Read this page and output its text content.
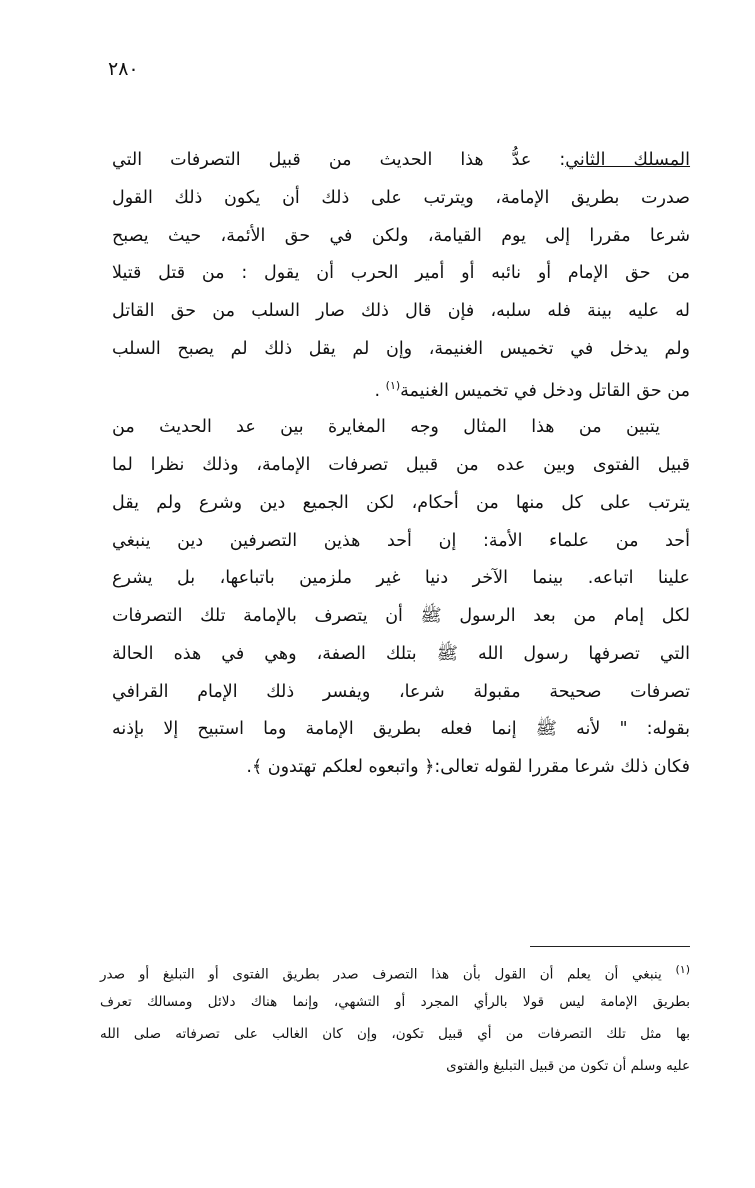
٢٨٠
المسلك الثاني: عدُّ هذا الحديث من قبيل التصرفات التي
صدرت بطريق الإمامة، ويترتب على ذلك أن يكون ذلك القول
شرعا مقررا إلى يوم القيامة، ولكن في حق الأئمة، حيث يصبح
من حق الإمام أو نائبه أو أمير الحرب أن يقول : من قتل قتيلا
له عليه بينة فله سلبه، فإن قال ذلك صار السلب من حق القاتل
ولم يدخل في تخميس الغنيمة، وإن لم يقل ذلك لم يصبح السلب
من حق القاتل ودخل في تخميس الغنيمة$^{(١)}$ .
يتبين من هذا المثال وجه المغايرة بين عد الحديث من
قبيل الفتوى وبين عده من قبيل تصرفات الإمامة، وذلك نظرا لما
يترتب على كل منها من أحكام، لكن الجميع دين وشرع ولم يقل
أحد من علماء الأمة: إن أحد هذين التصرفين دين ينبغي
علينا اتباعه. بينما الآخر دنيا غير ملزمين باتباعها، بل يشرع
لكل إمام من بعد الرسول ﷺ أن يتصرف بالإمامة تلك التصرفات
التي تصرفها رسول الله ﷺ بتلك الصفة، وهي في هذه الحالة
تصرفات صحيحة مقبولة شرعا، ويفسر ذلك الإمام القرافي
بقوله: " لأنه ﷺ إنما فعله بطريق الإمامة وما استبيح إلا بإذنه
فكان ذلك شرعا مقررا لقوله تعالى:﴿ واتبعوه لعلكم تهتدون ﴾.
$^{(١)}$ ينبغي أن يعلم أن القول بأن هذا التصرف صدر بطريق الفتوى أو التبليغ أو صدر
بطريق الإمامة ليس قولا بالرأي المجرد أو التشهي، وإنما هناك دلائل ومسالك تعرف
بها مثل تلك التصرفات من أي قبيل تكون، وإن كان الغالب على تصرفاته صلى الله
عليه وسلم أن تكون من قبيل التبليغ والفتوى
